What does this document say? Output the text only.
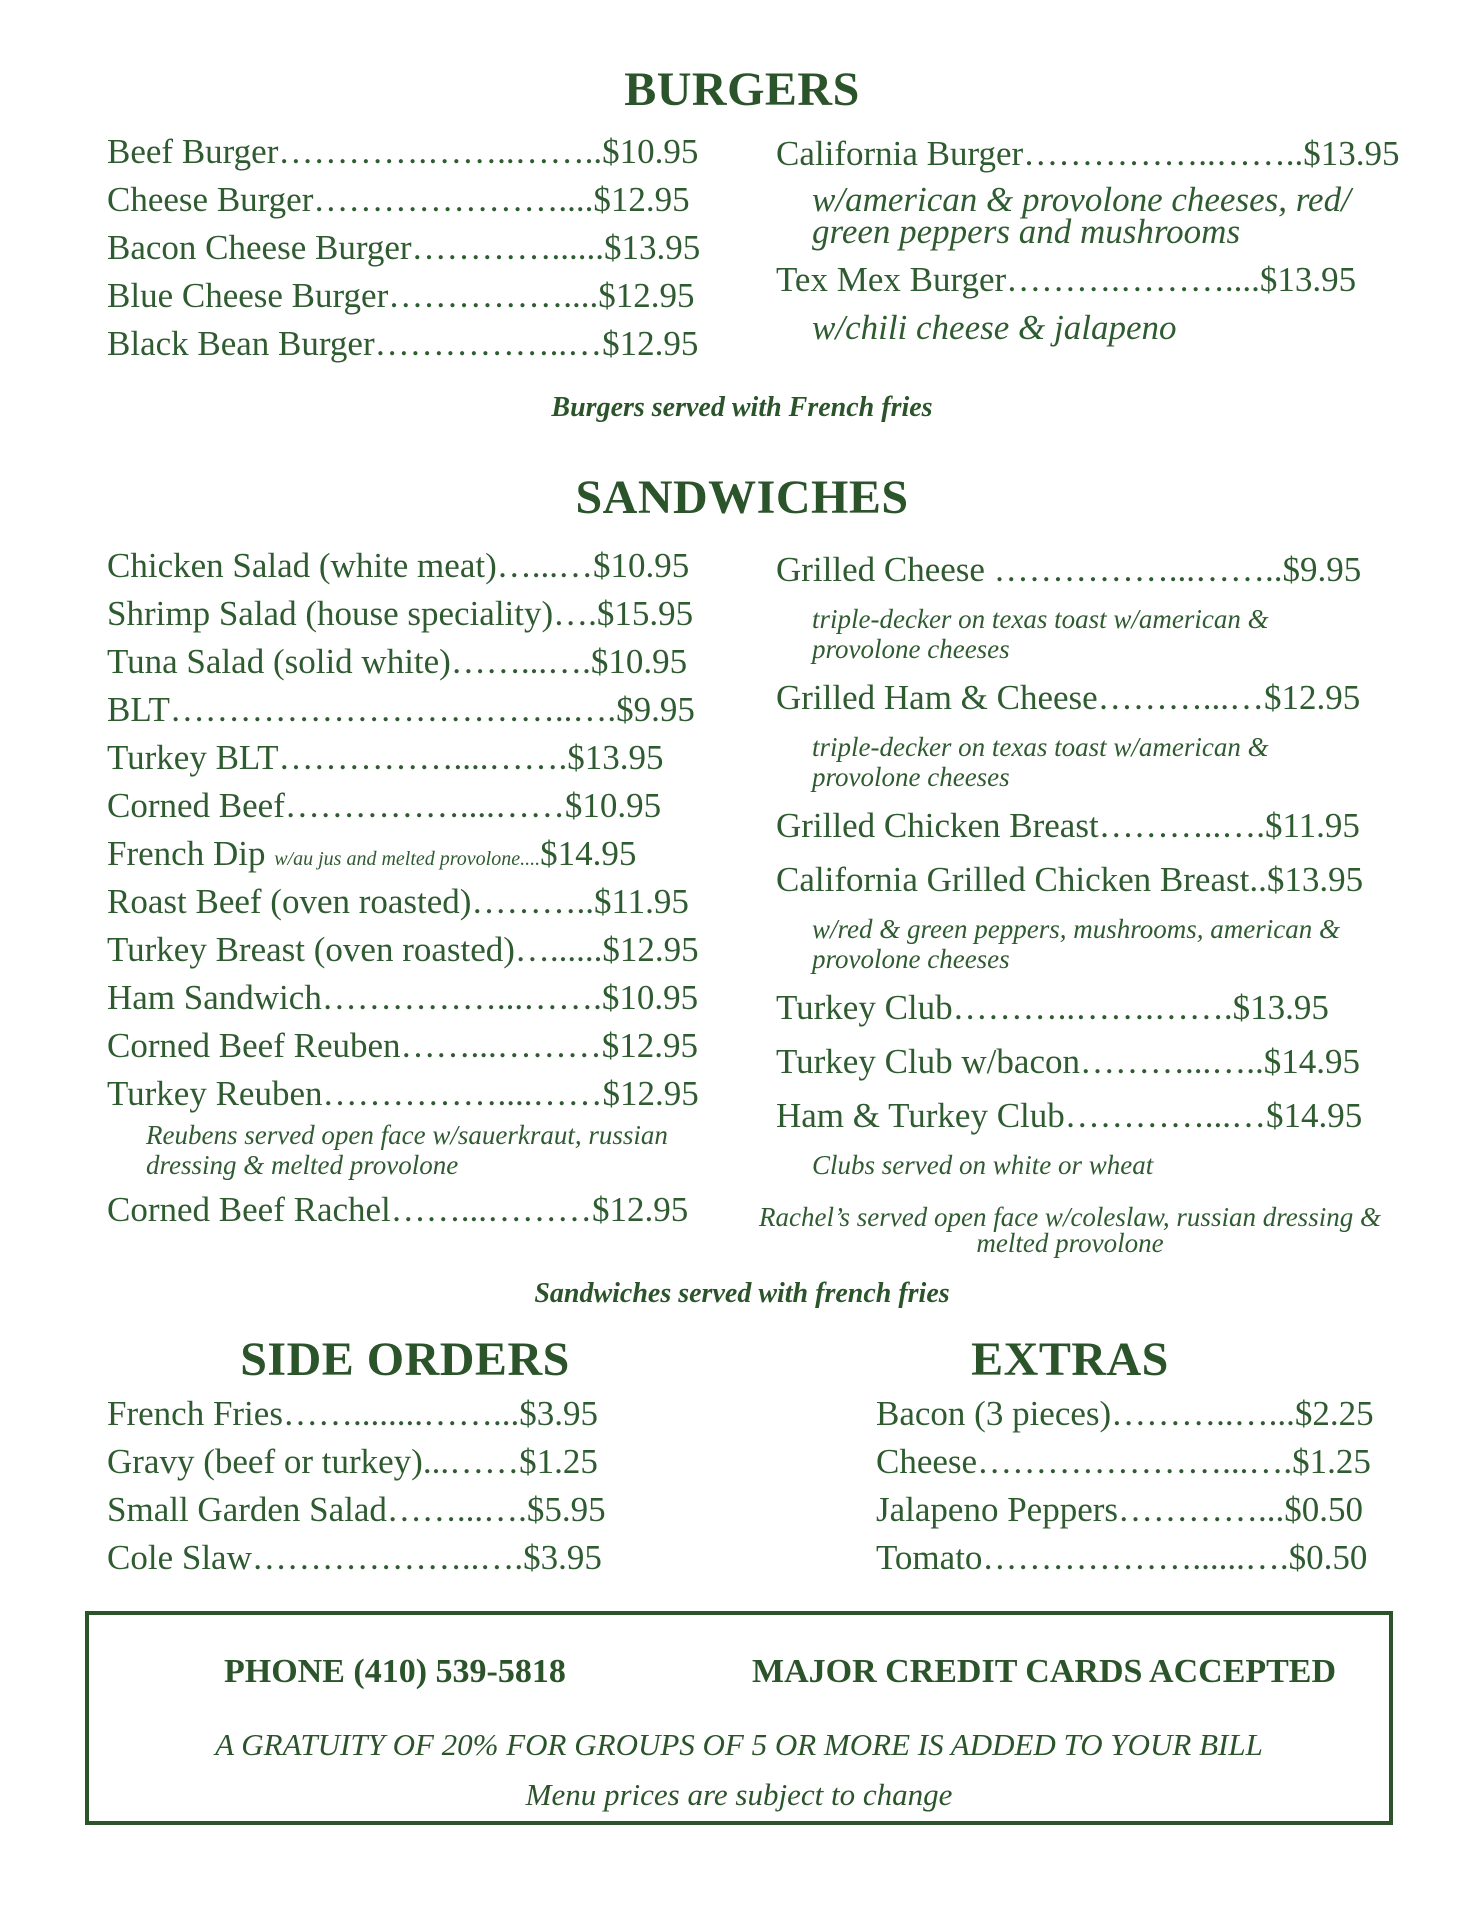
BURGERS
Beef Burger………….……..……..$10.95
Cheese Burger…………………....$12.95
Bacon Cheese Burger…………......$13.95
Blue Cheese Burger……………....$12.95
Black Bean Burger……………..…$12.95
California Burger……………..……..$13.95
w/american & provolone cheeses, red/ green peppers and mushrooms
Tex Mex Burger……….………....$13.95
w/chili cheese & jalapeno
Burgers served with French fries
SANDWICHES
Chicken Salad (white meat)…...…$10.95
Shrimp Salad (house speciality)….$15.95
Tuna Salad (solid white)……...….$10.95
BLT……………………………..….$9.95
Turkey BLT……………....…….$13.95
Corned Beef……………....……$10.95
French Dip w/au jus and melted provolone....$14.95
Roast Beef (oven roasted)………..$11.95
Turkey Breast (oven roasted)…......$12.95
Ham Sandwich……………...…….$10.95
Corned Beef Reuben……...………$12.95
Turkey Reuben……………....……$12.95
Reubens served open face w/sauerkraut, russian dressing & melted provolone
Corned Beef Rachel……...………$12.95
Grilled Cheese ……………...……..$9.95
triple-decker on texas toast w/american & provolone cheeses
Grilled Ham & Cheese………...…$12.95
triple-decker on texas toast w/american & provolone cheeses
Grilled Chicken Breast………..….$11.95
California Grilled Chicken Breast..$13.95
w/red & green peppers, mushrooms, american & provolone cheeses
Turkey Club………..…….…….$13.95
Turkey Club w/bacon………...…..$14.95
Ham & Turkey Club…………...…$14.95
Clubs served on white or wheat
Rachel’s served open face w/coleslaw, russian dressing & melted provolone
Sandwiches served with french fries
SIDE ORDERS
French Fries……........……...$3.95
Gravy (beef or turkey)...……$1.25
Small Garden Salad……...….$5.95
Cole Slaw………………..….$3.95
EXTRAS
Bacon (3 pieces)………..…...$2.25
Cheese…………………...….$1.25
Jalapeno Peppers…………...$0.50
Tomato………………......….$0.50
PHONE (410) 539-5818	MAJOR CREDIT CARDS ACCEPTED
A GRATUITY OF 20% FOR GROUPS OF 5 OR MORE IS ADDED TO YOUR BILL
Menu prices are subject to change
